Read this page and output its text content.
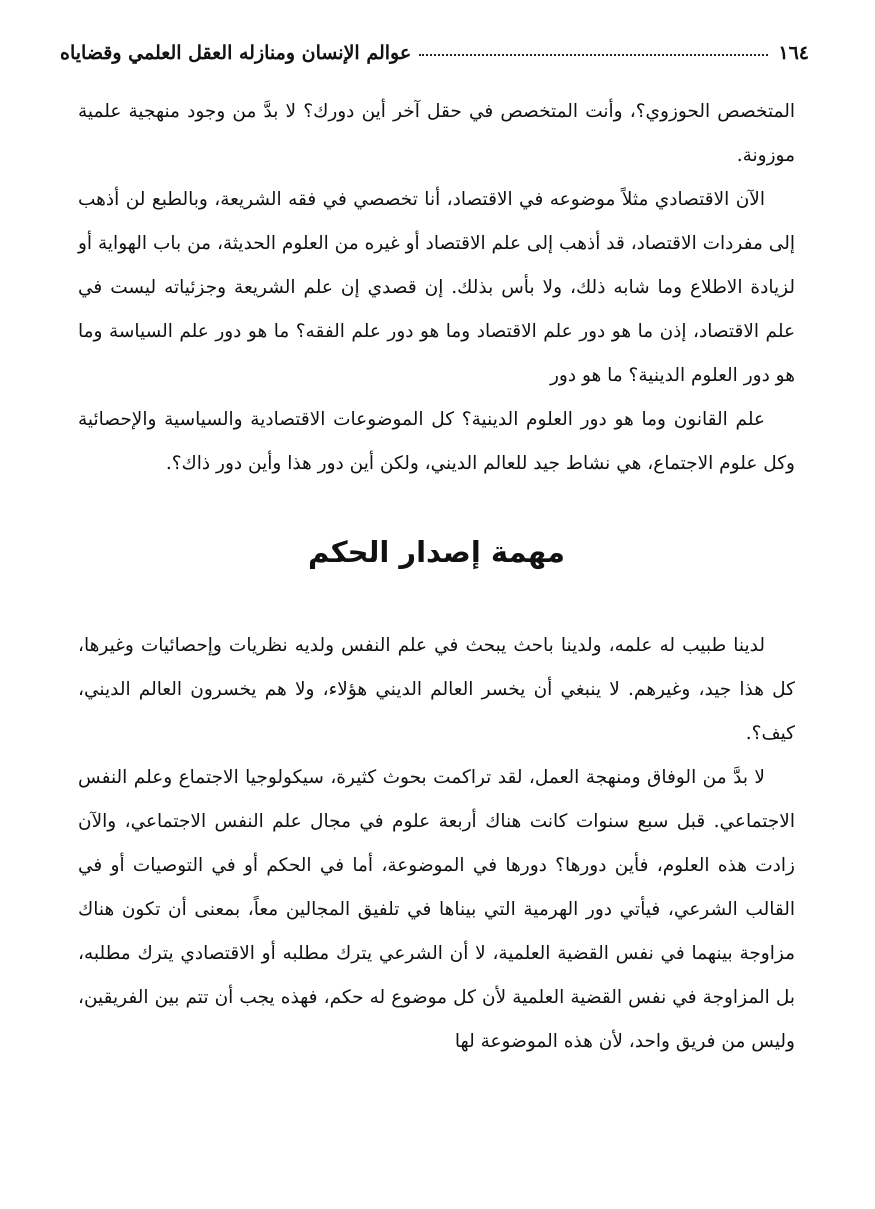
١٦٤
عوالم الإنسان ومنازله العقل العلمي وقضاياه

المتخصص الحوزوي؟، وأنت المتخصص في حقل آخر أين دورك؟ لا بدَّ من وجود منهجية علمية موزونة.

الآن الاقتصادي مثلاً موضوعه في الاقتصاد، أنا تخصصي في فقه الشريعة، وبالطبع لن أذهب إلى مفردات الاقتصاد، قد أذهب إلى علم الاقتصاد أو غيره من العلوم الحديثة، من باب الهواية أو لزيادة الاطلاع وما شابه ذلك، ولا بأس بذلك. إن قصدي إن علم الشريعة وجزئياته ليست في علم الاقتصاد، إذن ما هو دور علم الاقتصاد وما هو دور علم الفقه؟ ما هو دور علم السياسة وما هو دور العلوم الدينية؟ ما هو دور

علم القانون وما هو دور العلوم الدينية؟ كل الموضوعات الاقتصادية والسياسية والإحصائية وكل علوم الاجتماع، هي نشاط جيد للعالم الديني، ولكن أين دور هذا وأين دور ذاك؟.

مهمة إصدار الحكم

لدينا طبيب له علمه، ولدينا باحث يبحث في علم النفس ولديه نظريات وإحصائيات وغيرها، كل هذا جيد، وغيرهم. لا ينبغي أن يخسر العالم الديني هؤلاء، ولا هم يخسرون العالم الديني، كيف؟.

لا بدَّ من الوفاق ومنهجة العمل، لقد تراكمت بحوث كثيرة، سيكولوجيا الاجتماع وعلم النفس الاجتماعي. قبل سبع سنوات كانت هناك أربعة علوم في مجال علم النفس الاجتماعي، والآن زادت هذه العلوم، فأين دورها؟ دورها في الموضوعة، أما في الحكم أو في التوصيات أو في القالب الشرعي، فيأتي دور الهرمية التي بيناها في تلفيق المجالين معاً، بمعنى أن تكون هناك مزاوجة بينهما في نفس القضية العلمية، لا أن الشرعي يترك مطلبه أو الاقتصادي يترك مطلبه، بل المزاوجة في نفس القضية العلمية لأن كل موضوع له حكم، فهذه يجب أن تتم بين الفريقين، وليس من فريق واحد، لأن هذه الموضوعة لها
